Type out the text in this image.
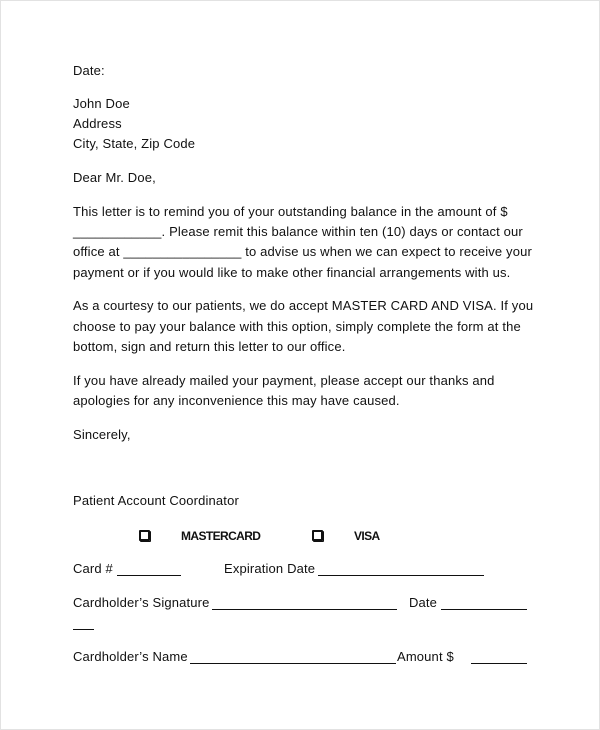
Date:
John Doe
Address
City, State, Zip Code
Dear Mr. Doe,
This letter is to remind you of your outstanding balance in the amount of $
____________. Please remit this balance within ten (10) days or contact our
office at ________________ to advise us when we can expect to receive your
payment or if you would like to make other financial arrangements with us.
As a courtesy to our patients, we do accept MASTER CARD AND VISA. If you
choose to pay your balance with this option, simply complete the form at the
bottom, sign and return this letter to our office.
If you have already mailed your payment, please accept our thanks and
apologies for any inconvenience this may have caused.
Sincerely,
Patient Account Coordinator
MASTERCARD	VISA
Card #	Expiration Date
Cardholder’s Signature	Date
Cardholder’s Name	Amount $
